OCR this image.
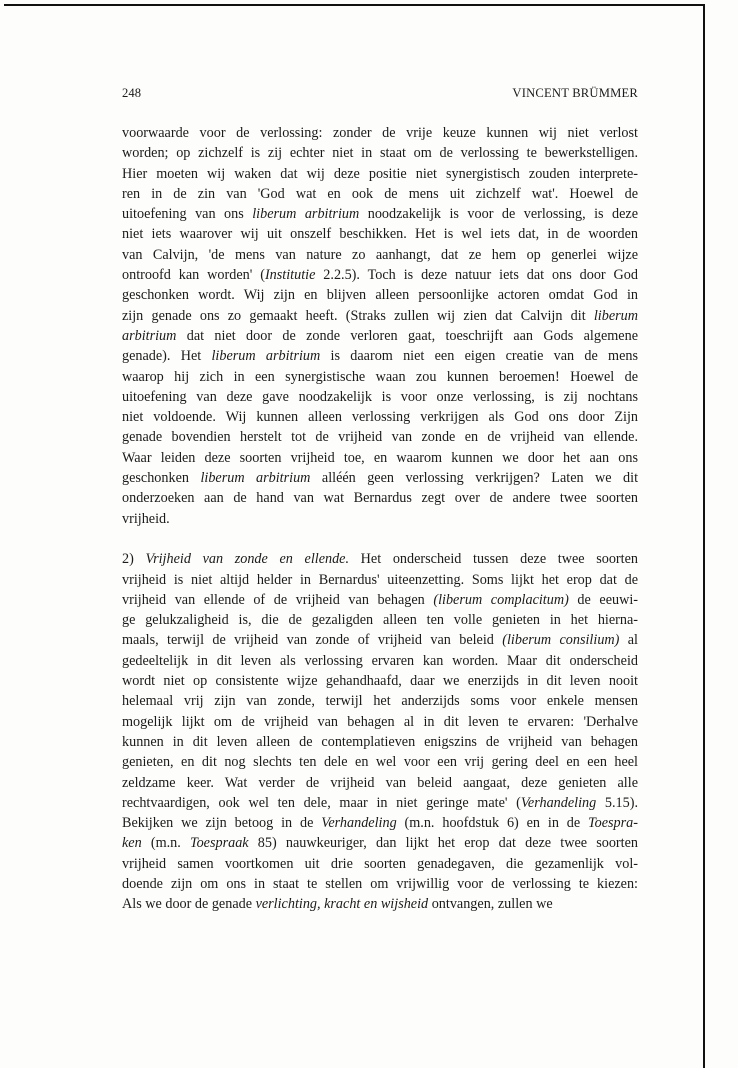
248	VINCENT BRÜMMER
voorwaarde voor de verlossing: zonder de vrije keuze kunnen wij niet verlost
worden; op zichzelf is zij echter niet in staat om de verlossing te bewerkstelligen.
Hier moeten wij waken dat wij deze positie niet synergistisch zouden interprete-
ren in de zin van 'God wat en ook de mens uit zichzelf wat'. Hoewel de
uitoefening van ons liberum arbitrium noodzakelijk is voor de verlossing, is deze
niet iets waarover wij uit onszelf beschikken. Het is wel iets dat, in de woorden
van Calvijn, 'de mens van nature zo aanhangt, dat ze hem op generlei wijze
ontroofd kan worden' (Institutie 2.2.5). Toch is deze natuur iets dat ons door God
geschonken wordt. Wij zijn en blijven alleen persoonlijke actoren omdat God in
zijn genade ons zo gemaakt heeft. (Straks zullen wij zien dat Calvijn dit liberum
arbitrium dat niet door de zonde verloren gaat, toeschrijft aan Gods algemene
genade). Het liberum arbitrium is daarom niet een eigen creatie van de mens
waarop hij zich in een synergistische waan zou kunnen beroemen! Hoewel de
uitoefening van deze gave noodzakelijk is voor onze verlossing, is zij nochtans
niet voldoende. Wij kunnen alleen verlossing verkrijgen als God ons door Zijn
genade bovendien herstelt tot de vrijheid van zonde en de vrijheid van ellende.
Waar leiden deze soorten vrijheid toe, en waarom kunnen we door het aan ons
geschonken liberum arbitrium alléén geen verlossing verkrijgen? Laten we dit
onderzoeken aan de hand van wat Bernardus zegt over de andere twee soorten
vrijheid.
2) Vrijheid van zonde en ellende. Het onderscheid tussen deze twee soorten
vrijheid is niet altijd helder in Bernardus' uiteenzetting. Soms lijkt het erop dat de
vrijheid van ellende of de vrijheid van behagen (liberum complacitum) de eeuwi-
ge gelukzaligheid is, die de gezaligden alleen ten volle genieten in het hierna-
maals, terwijl de vrijheid van zonde of vrijheid van beleid (liberum consilium) al
gedeeltelijk in dit leven als verlossing ervaren kan worden. Maar dit onderscheid
wordt niet op consistente wijze gehandhaafd, daar we enerzijds in dit leven nooit
helemaal vrij zijn van zonde, terwijl het anderzijds soms voor enkele mensen
mogelijk lijkt om de vrijheid van behagen al in dit leven te ervaren: 'Derhalve
kunnen in dit leven alleen de contemplatieven enigszins de vrijheid van behagen
genieten, en dit nog slechts ten dele en wel voor een vrij gering deel en een heel
zeldzame keer. Wat verder de vrijheid van beleid aangaat, deze genieten alle
rechtvaardigen, ook wel ten dele, maar in niet geringe mate' (Verhandeling 5.15).
Bekijken we zijn betoog in de Verhandeling (m.n. hoofdstuk 6) en in de Toespra-
ken (m.n. Toespraak 85) nauwkeuriger, dan lijkt het erop dat deze twee soorten
vrijheid samen voortkomen uit drie soorten genadegaven, die gezamenlijk vol-
doende zijn om ons in staat te stellen om vrijwillig voor de verlossing te kiezen:
Als we door de genade verlichting, kracht en wijsheid ontvangen, zullen we
